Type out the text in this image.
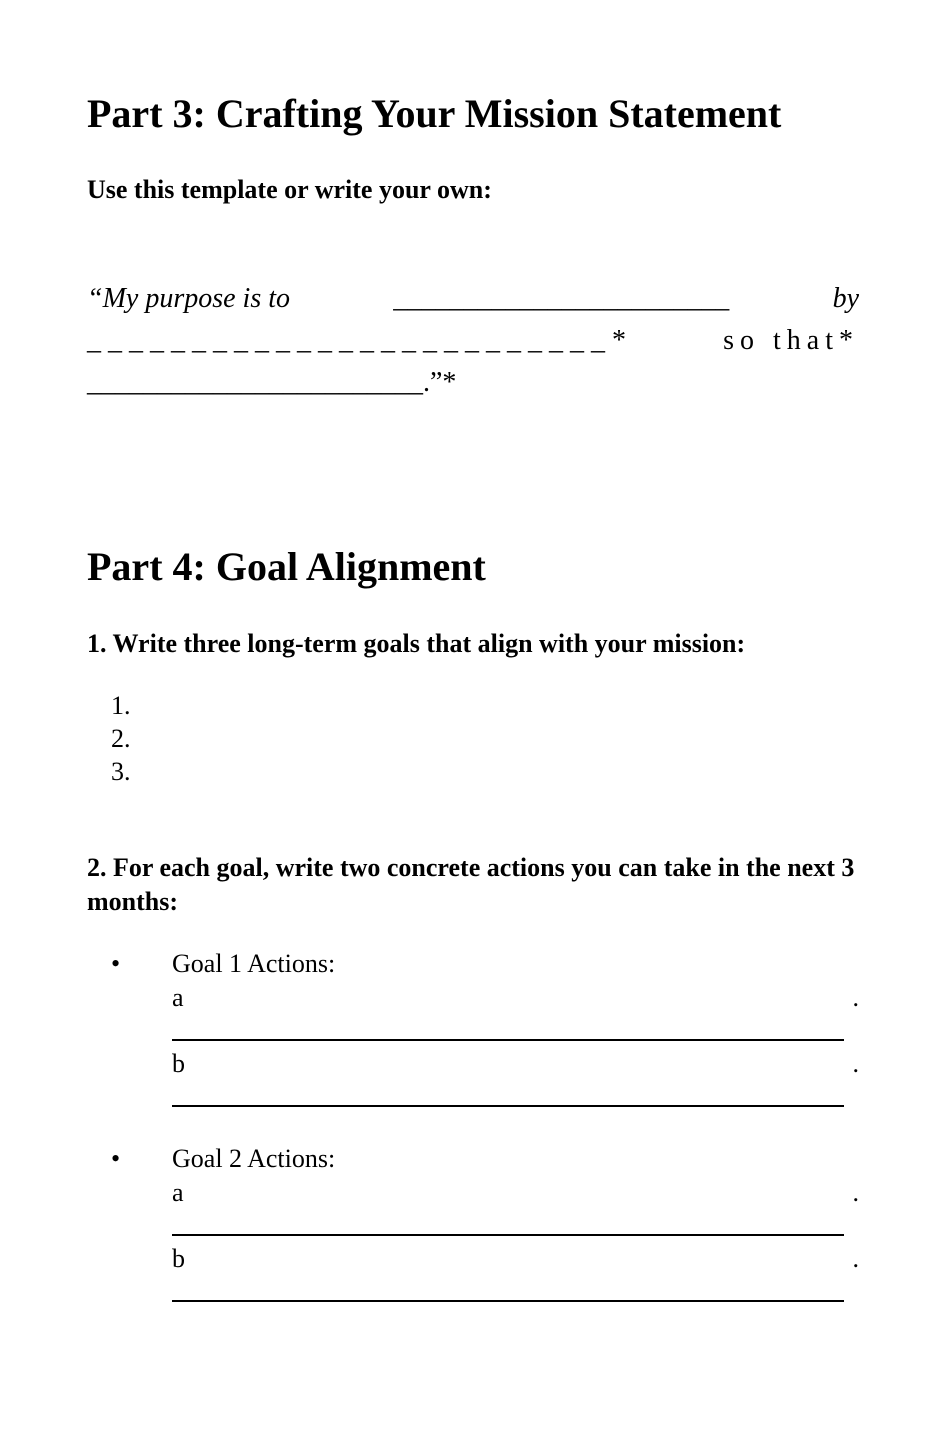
Part 3: Crafting Your Mission Statement

Use this template or write your own:

“My purpose is to	________________________	by
_ _ _ _ _ _ _ _ _ _ _ _ _ _ _ _ _ _ _ _ _ _ _ _ _ *	so that*
________________________ .”*
Part 4: Goal Alignment

1. Write three long-term goals that align with your mission:

1.
2.
3.

2. For each goal, write two concrete actions you can take in the next 3 months:

• Goal 1 Actions:
a	.
b	.
• Goal 2 Actions:
a	.
b	.
